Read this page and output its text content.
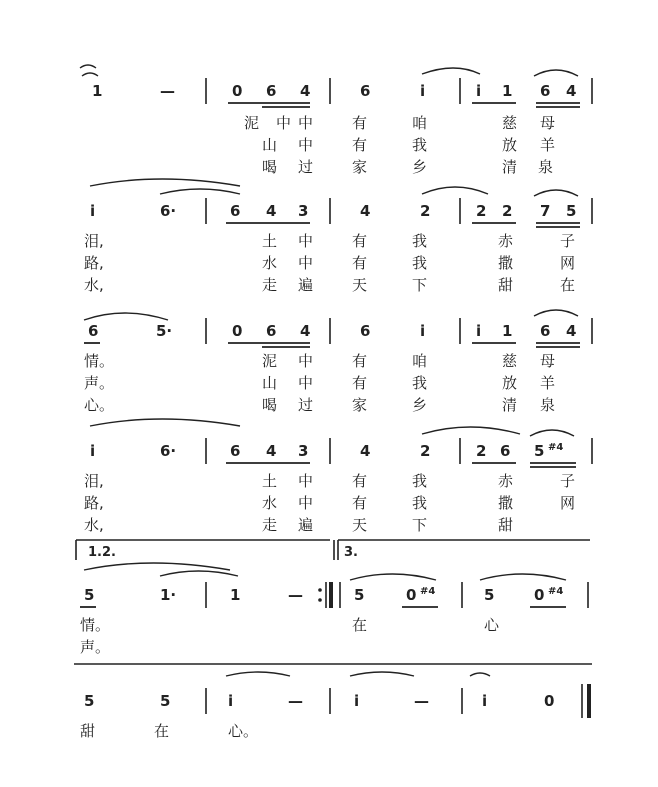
1	—	0 6 4	6	i	i 1 6 4
泥 中 中	有	咱	慈 母
山 中	有	我	放 羊
喝 过	家	乡	清 泉
i	6·	6 4 3	4	2	2 2 7 5
泪,	土 中	有	我	赤	子
路,	水 中	有	我	撒	网
水,	走 遍	天	下	甜	在
6	5·	0 6 4	6	i	i 1 6 4
情。	泥 中	有	咱	慈 母
声。	山 中	有	我	放 羊
心。	喝 过	家	乡	清 泉
i	6·	6 4 3	4	2	2 6 5 #4
泪,	土 中	有	我	赤	子
路,	水 中	有	我	撒	网
水,	走 遍	天	下	甜
1.2.	3.
5	1·	1	—	5	0 #4	5	0 #4
情。	在	心
声。
5	5	i	—	i	—	i	0
甜	在	心。
